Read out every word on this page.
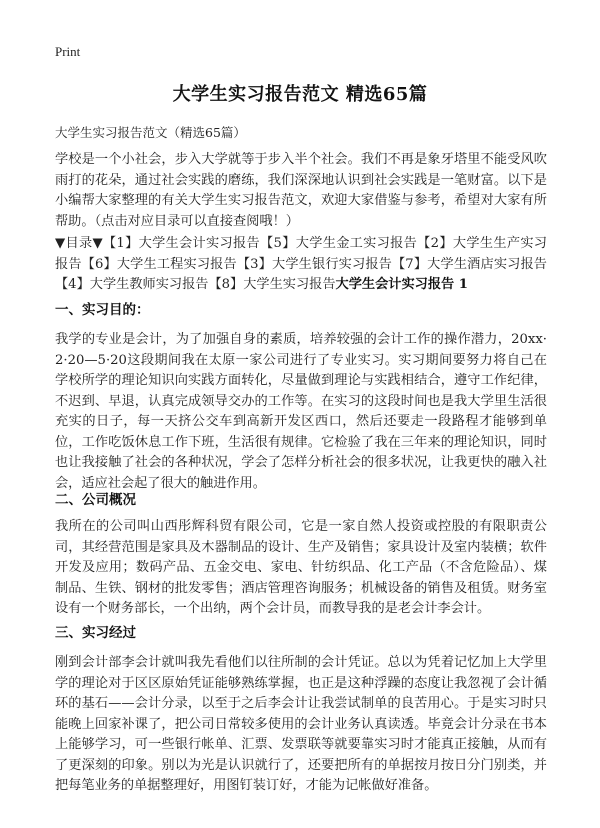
Print
大学生实习报告范文 精选65篇
大学生实习报告范文（精选65篇）
学校是一个小社会，步入大学就等于步入半个社会。我们不再是象牙塔里不能受风吹雨打的花朵，通过社会实践的磨练，我们深深地认识到社会实践是一笔财富。以下是小编帮大家整理的有关大学生实习报告范文，欢迎大家借鉴与参考，希望对大家有所帮助。（点击对应目录可以直接查阅哦！）
▼目录▼【1】大学生会计实习报告【5】大学生金工实习报告【2】大学生生产实习报告【6】大学生工程实习报告【3】大学生银行实习报告【7】大学生酒店实习报告【4】大学生教师实习报告【8】大学生实习报告大学生会计实习报告 1
一、实习目的：
我学的专业是会计，为了加强自身的素质，培养较强的会计工作的操作潜力，20xx·2·20—5·20这段期间我在太原一家公司进行了专业实习。实习期间要努力将自己在学校所学的理论知识向实践方面转化，尽量做到理论与实践相结合，遵守工作纪律，不迟到、早退，认真完成领导交办的工作等。在实习的这段时间也是我大学里生活很充实的日子，每一天挤公交车到高新开发区西口，然后还要走一段路程才能够到单位，工作吃饭休息工作下班，生活很有规律。它检验了我在三年来的理论知识，同时也让我接触了社会的各种状况，学会了怎样分析社会的很多状况，让我更快的融入社会，适应社会起了很大的触进作用。
二、公司概况
我所在的公司叫山西彤辉科贸有限公司，它是一家自然人投资或控股的有限职责公司，其经营范围是家具及木器制品的设计、生产及销售；家具设计及室内装横；软件开发及应用；数码产品、五金交电、家电、针纺织品、化工产品（不含危险品）、煤制品、生铁、钢材的批发零售；酒店管理咨询服务；机械设备的销售及租赁。财务室设有一个财务部长，一个出纳，两个会计员，而教导我的是老会计李会计。
三、实习经过
刚到会计部李会计就叫我先看他们以往所制的会计凭证。总以为凭着记忆加上大学里学的理论对于区区原始凭证能够熟练掌握，也正是这种浮躁的态度让我忽视了会计循环的基石——会计分录，以至于之后李会计让我尝试制单的良苦用心。于是实习时只能晚上回家补课了，把公司日常较多使用的会计业务认真读透。毕竟会计分录在书本上能够学习，可一些银行帐单、汇票、发票联等就要靠实习时才能真正接触，从而有了更深刻的印象。别以为光是认识就行了，还要把所有的单据按月按日分门别类，并把每笔业务的单据整理好，用图钉装订好，才能为记帐做好准备。
